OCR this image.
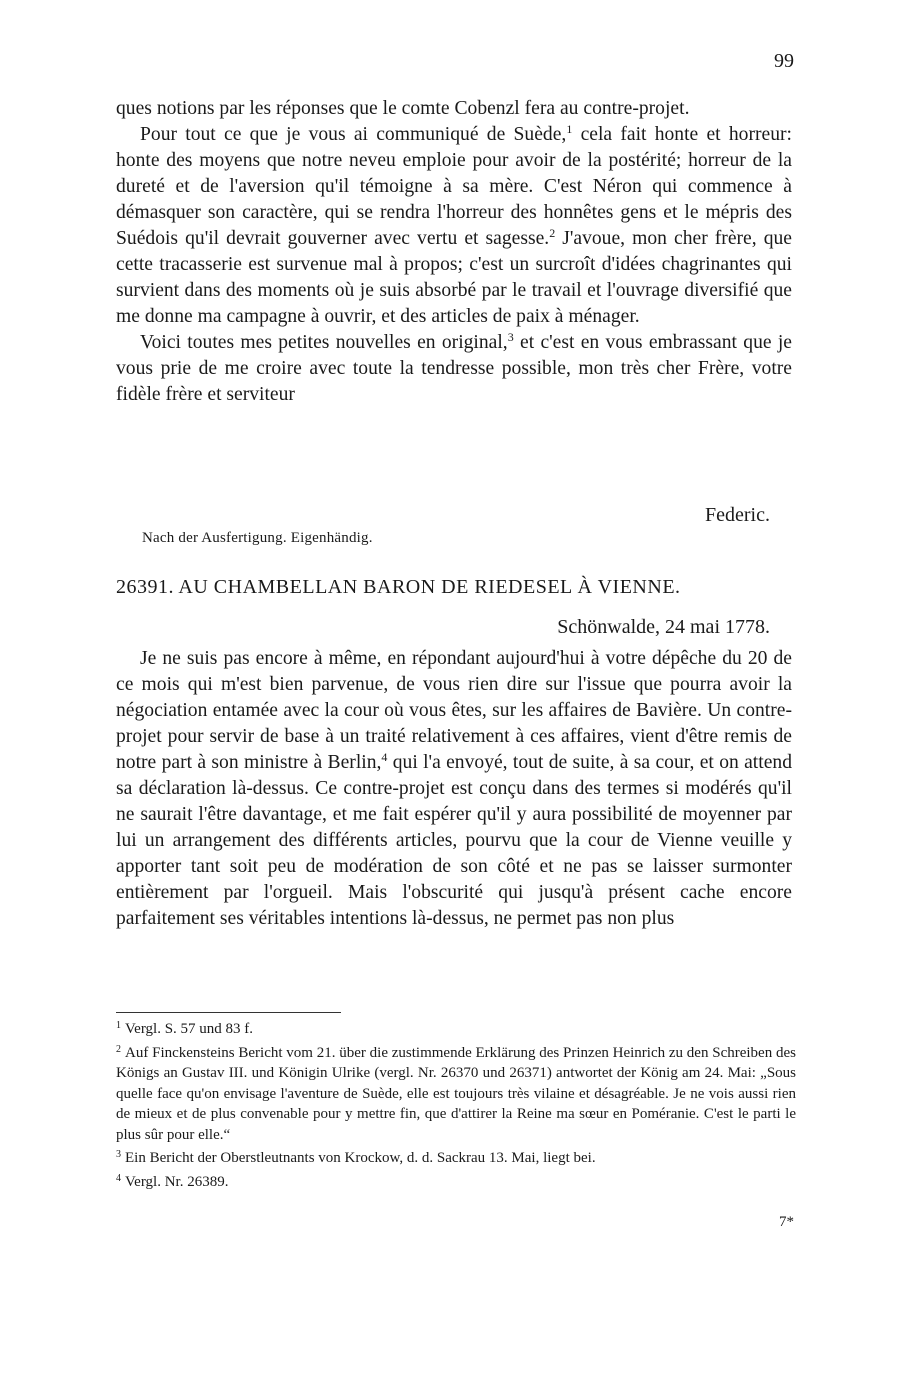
99

ques notions par les réponses que le comte Cobenzl fera au contre-projet.

Pour tout ce que je vous ai communiqué de Suède,$^1$ cela fait honte et horreur: honte des moyens que notre neveu emploie pour avoir de la postérité; horreur de la dureté et de l'aversion qu'il témoigne à sa mère. C'est Néron qui commence à démasquer son caractère, qui se rendra l'horreur des honnêtes gens et le mépris des Suédois qu'il devrait gouverner avec vertu et sagesse.$^2$ J'avoue, mon cher frère, que cette tracasserie est survenue mal à propos; c'est un surcroît d'idées chagrinantes qui survient dans des moments où je suis absorbé par le travail et l'ouvrage diversifié que me donne ma campagne à ouvrir, et des articles de paix à ménager.

Voici toutes mes petites nouvelles en original,$^3$ et c'est en vous embrassant que je vous prie de me croire avec toute la tendresse possible, mon très cher Frère, votre fidèle frère et serviteur

Federic.
Nach der Ausfertigung. Eigenhändig.
26391. AU CHAMBELLAN BARON DE RIEDESEL À VIENNE.
Schönwalde, 24 mai 1778.

Je ne suis pas encore à même, en répondant aujourd'hui à votre dépêche du 20 de ce mois qui m'est bien parvenue, de vous rien dire sur l'issue que pourra avoir la négociation entamée avec la cour où vous êtes, sur les affaires de Bavière. Un contre-projet pour servir de base à un traité relativement à ces affaires, vient d'être remis de notre part à son ministre à Berlin,$^4$ qui l'a envoyé, tout de suite, à sa cour, et on attend sa déclaration là-dessus. Ce contre-projet est conçu dans des termes si modérés qu'il ne saurait l'être davantage, et me fait espérer qu'il y aura possibilité de moyenner par lui un arrangement des différents articles, pourvu que la cour de Vienne veuille y apporter tant soit peu de modération de son côté et ne pas se laisser surmonter entièrement par l'orgueil. Mais l'obscurité qui jusqu'à présent cache encore parfaitement ses véritables intentions là-dessus, ne permet pas non plus

$^1$ Vergl. S. 57 und 83 f.

$^2$ Auf Finckensteins Bericht vom 21. über die zustimmende Erklärung des Prinzen Heinrich zu den Schreiben des Königs an Gustav III. und Königin Ulrike (vergl. Nr. 26370 und 26371) antwortet der König am 24. Mai: „Sous quelle face qu'on envisage l'aventure de Suède, elle est toujours très vilaine et désagréable. Je ne vois aussi rien de mieux et de plus convenable pour y mettre fin, que d'attirer la Reine ma sœur en Poméranie. C'est le parti le plus sûr pour elle.“

$^3$ Ein Bericht der Oberstleutnants von Krockow, d. d. Sackrau 13. Mai, liegt bei.

$^4$ Vergl. Nr. 26389.

7*
